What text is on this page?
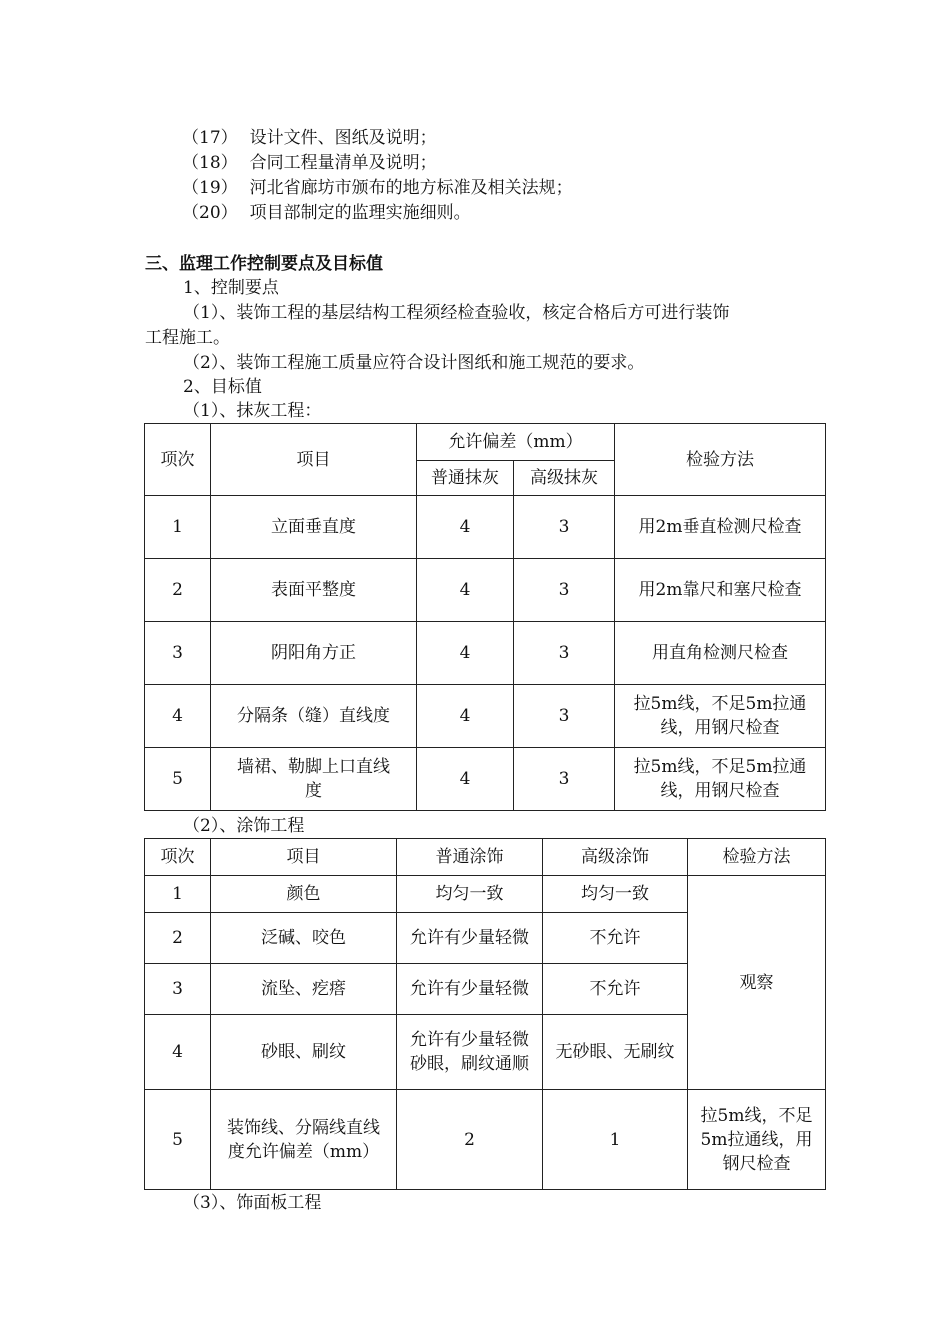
（17） 设计文件、图纸及说明；
（18） 合同工程量清单及说明；
（19） 河北省廊坊市颁布的地方标准及相关法规；
（20） 项目部制定的监理实施细则。
三、监理工作控制要点及目标值
1、控制要点
（1）、装饰工程的基层结构工程须经检查验收，核定合格后方可进行装饰
工程施工。
（2）、装饰工程施工质量应符合设计图纸和施工规范的要求。
2、目标值
（1）、抹灰工程：
项次	项目	允许偏差（mm）		检验方法
		普通抹灰	高级抹灰	
1	立面垂直度	4	3	用2m垂直检测尺检查
2	表面平整度	4	3	用2m靠尺和塞尺检查
3	阴阳角方正	4	3	用直角检测尺检查
4	分隔条（缝）直线度	4	3	拉5m线，不足5m拉通线，用钢尺检查
5	墙裙、勒脚上口直线度	4	3	拉5m线，不足5m拉通线，用钢尺检查
（2）、涂饰工程
项次	项目	普通涂饰	高级涂饰	检验方法
1	颜色	均匀一致	均匀一致	观察
2	泛碱、咬色	允许有少量轻微	不允许	
3	流坠、疙瘩	允许有少量轻微	不允许	
4	砂眼、刷纹	允许有少量轻微砂眼，刷纹通顺	无砂眼、无刷纹	
5	装饰线、分隔线直线度允许偏差（mm）	2	1	拉5m线，不足5m拉通线，用钢尺检查
（3）、饰面板工程
